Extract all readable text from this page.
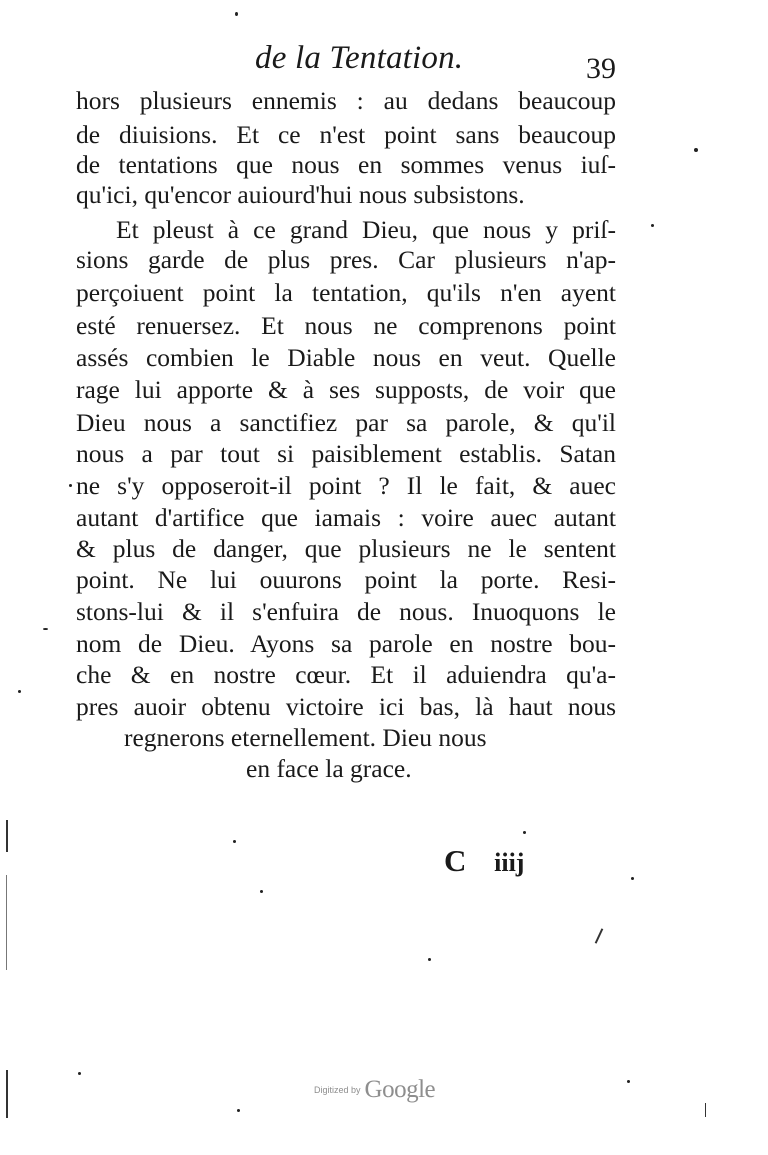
de la Tentation.	39
hors plusieurs ennemis : au dedans beaucoup
de diuisions. Et ce n'est point sans beaucoup
de tentations que nous en sommes venus iuſ-
qu'ici, qu'encor auiourd'hui nous subsistons.
Et pleust à ce grand Dieu, que nous y priſ-
sions garde de plus pres. Car plusieurs n'ap-
perçoiuent point la tentation, qu'ils n'en ayent
esté renuersez. Et nous ne comprenons point
assés combien le Diable nous en veut. Quelle
rage lui apporte & à ses supposts, de voir que
Dieu nous a sanctifiez par sa parole, & qu'il
nous a par tout si paisiblement establis. Satan
ne s'y opposeroit-il point ? Il le fait, & auec
autant d'artifice que iamais : voire auec autant
& plus de danger, que plusieurs ne le sentent
point. Ne lui ouurons point la porte. Resi-
stons-lui & il s'enfuira de nous. Inuoquons le
nom de Dieu. Ayons sa parole en nostre bou-
che & en nostre cœur. Et il aduiendra qu'a-
pres auoir obtenu victoire ici bas, là haut nous
regnerons eternellement. Dieu nous
en face la grace.
C iiij
Digitized by Google
